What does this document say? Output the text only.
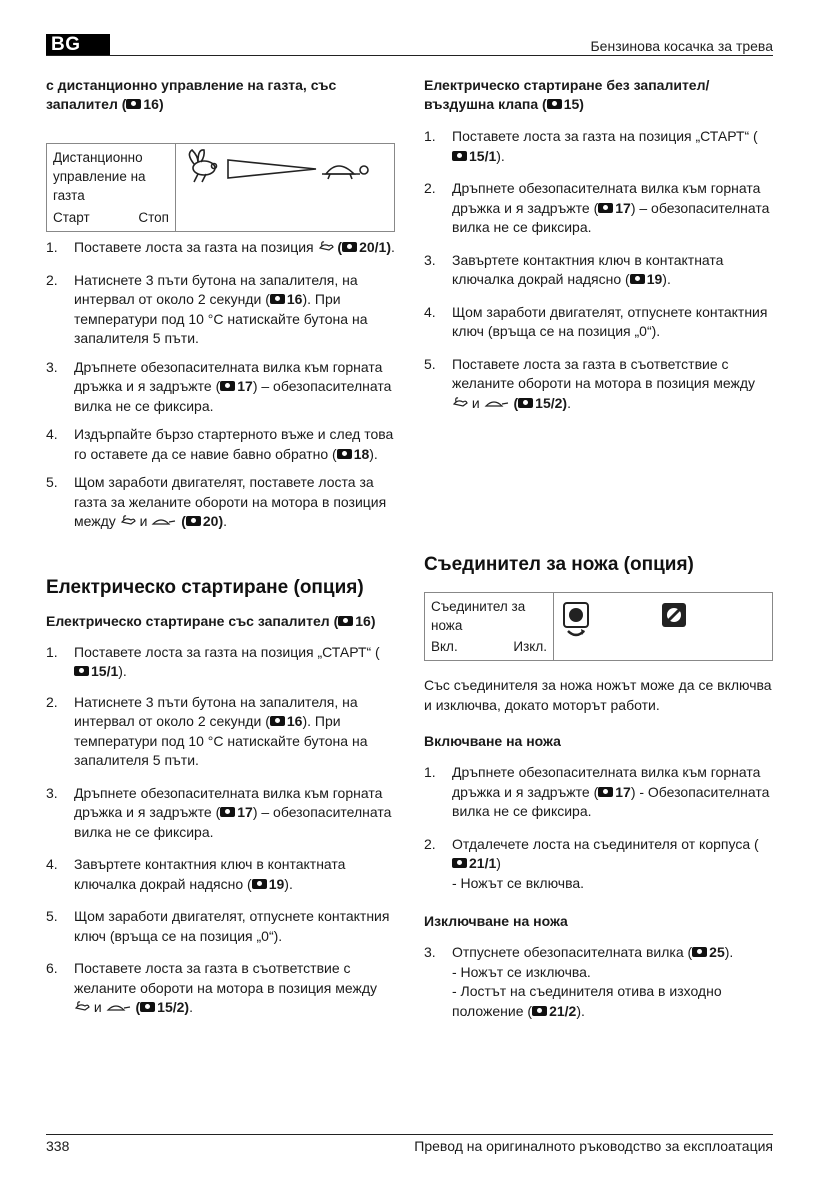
BG	Бензинова косачка за трева
с дистанционно управление на газта, със запалител ( 16)
Дистанционно управление на газта
Старт	Стоп
1. Поставете лоста за газта на позиция ( 20/1).
2. Натиснете 3 пъти бутона на запалителя, на интервал от около 2 секунди ( 16). При температури под 10 °C натискайте бутона на запалителя 5 пъти.
3. Дръпнете обезопасителната вилка към горната дръжка и я задръжте ( 17) – обезопасителната вилка не се фиксира.
4. Издърпайте бързо стартерното въже и след това го оставете да се навие бавно обратно ( 18).
5. Щом заработи двигателят, поставете лоста за газта за желаните обороти на мотора в позиция между и ( 20).
Електрическо стартиране (опция)
Електрическо стартиране със запалител ( 16)
1. Поставете лоста за газта на позиция „СТАРТ“ (15/1).
2. Натиснете 3 пъти бутона на запалителя, на интервал от около 2 секунди ( 16). При температури под 10 °C натискайте бутона на запалителя 5 пъти.
3. Дръпнете обезопасителната вилка към горната дръжка и я задръжте ( 17) – обезопасителната вилка не се фиксира.
4. Завъртете контактния ключ в контактната ключалка докрай надясно ( 19).
5. Щом заработи двигателят, отпуснете контактния ключ (връща се на позиция „0“).
6. Поставете лоста за газта в съответствие с желаните обороти на мотора в позиция между  и ( 15/2).
Електрическо стартиране без запалител/ въздушна клапа ( 15)
1. Поставете лоста за газта на позиция „СТАРТ“ (15/1).
2. Дръпнете обезопасителната вилка към горната дръжка и я задръжте ( 17) – обезопасителната вилка не се фиксира.
3. Завъртете контактния ключ в контактната ключалка докрай надясно ( 19).
4. Щом заработи двигателят, отпуснете контактния ключ (връща се на позиция „0“).
5. Поставете лоста за газта в съответствие с желаните обороти на мотора в позиция между  и ( 15/2).
Съединител за ножа (опция)
Съединител за ножа
Вкл.	Изкл.
Със съединителя за ножа ножът може да се включва и изключва, докато моторът работи.
Включване на ножа
1. Дръпнете обезопасителната вилка към горната дръжка и я задръжте ( 17) - Обезопасителната вилка не се фиксира.
2. Отдалечете лоста на съединителя от корпуса (21/1)
- Ножът се включва.
Изключване на ножа
3. Отпуснете обезопасителната вилка ( 25).
- Ножът се изключва.
- Лостът на съединителя отива в изходно положение ( 21/2).
338	Превод на оригиналното ръководство за експлоатация
